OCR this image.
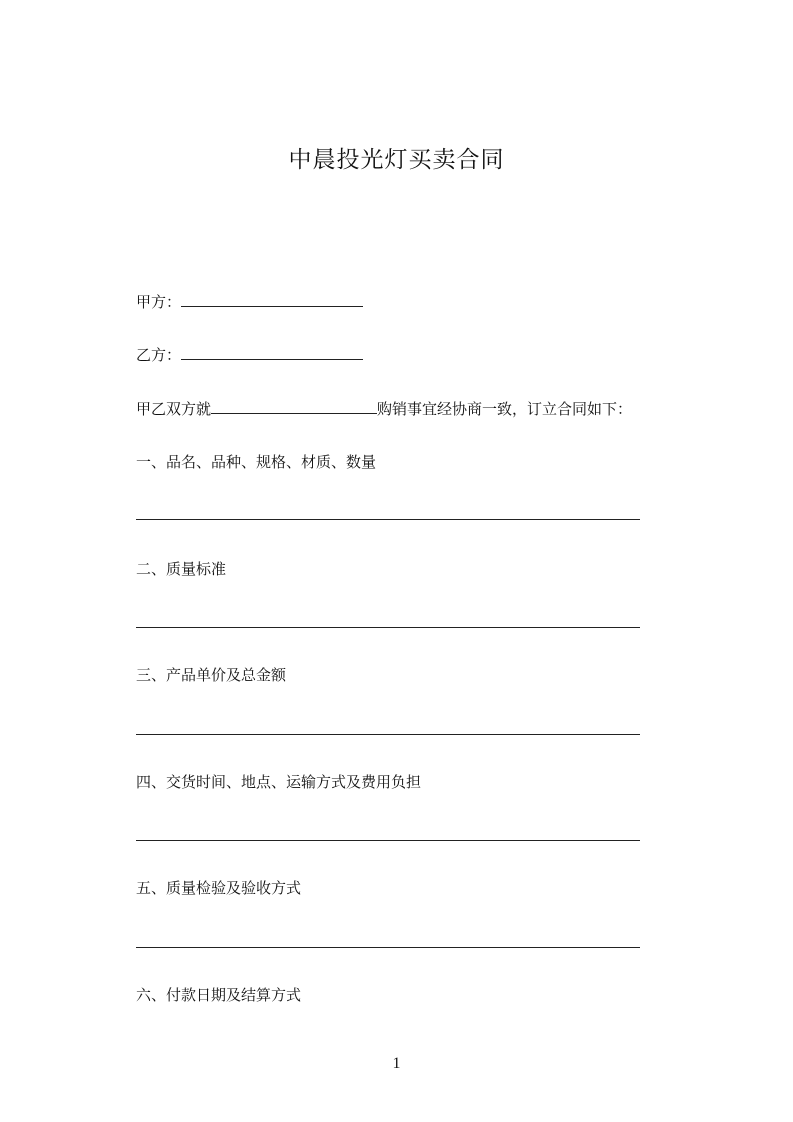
中晨投光灯买卖合同
甲方：
乙方：
甲乙双方就	购销事宜经协商一致，订立合同如下：
一、品名、品种、规格、材质、数量
二、质量标准
三、产品单价及总金额
四、交货时间、地点、运输方式及费用负担
五、质量检验及验收方式
六、付款日期及结算方式
1
